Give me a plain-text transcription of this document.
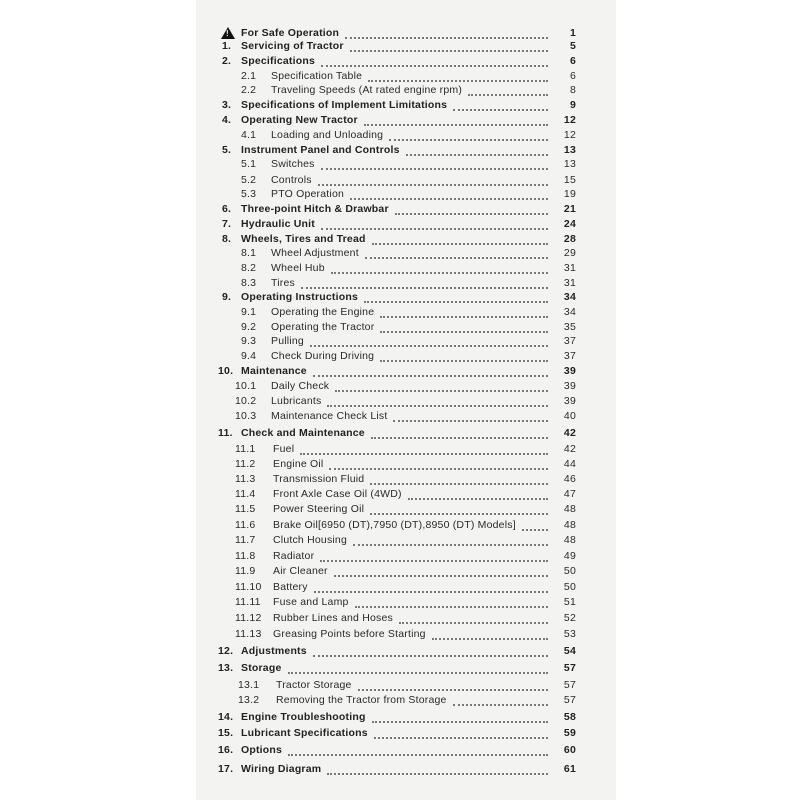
!
For Safe Operation	1
1. Servicing of Tractor	5
2. Specifications	6
2.1 Specification Table	6
2.2 Traveling Speeds (At rated engine rpm)	8
3. Specifications of Implement Limitations	9
4. Operating New Tractor	12
4.1 Loading and Unloading	12
5. Instrument Panel and Controls	13
5.1 Switches	13
5.2 Controls	15
5.3 PTO Operation	19
6. Three-point Hitch & Drawbar	21
7. Hydraulic Unit	24
8. Wheels, Tires and Tread	28
8.1 Wheel Adjustment	29
8.2 Wheel Hub	31
8.3 Tires	31
9. Operating Instructions	34
9.1 Operating the Engine	34
9.2 Operating the Tractor	35
9.3 Pulling	37
9.4 Check During Driving	37
10. Maintenance	39
10.1 Daily Check	39
10.2 Lubricants	39
10.3 Maintenance Check List	40
11. Check and Maintenance	42
11.1 Fuel	42
11.2 Engine Oil	44
11.3 Transmission Fluid	46
11.4 Front Axle Case Oil (4WD)	47
11.5 Power Steering Oil	48
11.6 Brake Oil[6950 (DT),7950 (DT),8950 (DT) Models]	48
11.7 Clutch Housing	48
11.8 Radiator	49
11.9 Air Cleaner	50
11.10 Battery	50
11.11 Fuse and Lamp	51
11.12 Rubber Lines and Hoses	52
11.13 Greasing Points before Starting	53
12. Adjustments	54
13. Storage	57
13.1 Tractor Storage	57
13.2 Removing the Tractor from Storage	57
14. Engine Troubleshooting	58
15. Lubricant Specifications	59
16. Options	60
17. Wiring Diagram	61
